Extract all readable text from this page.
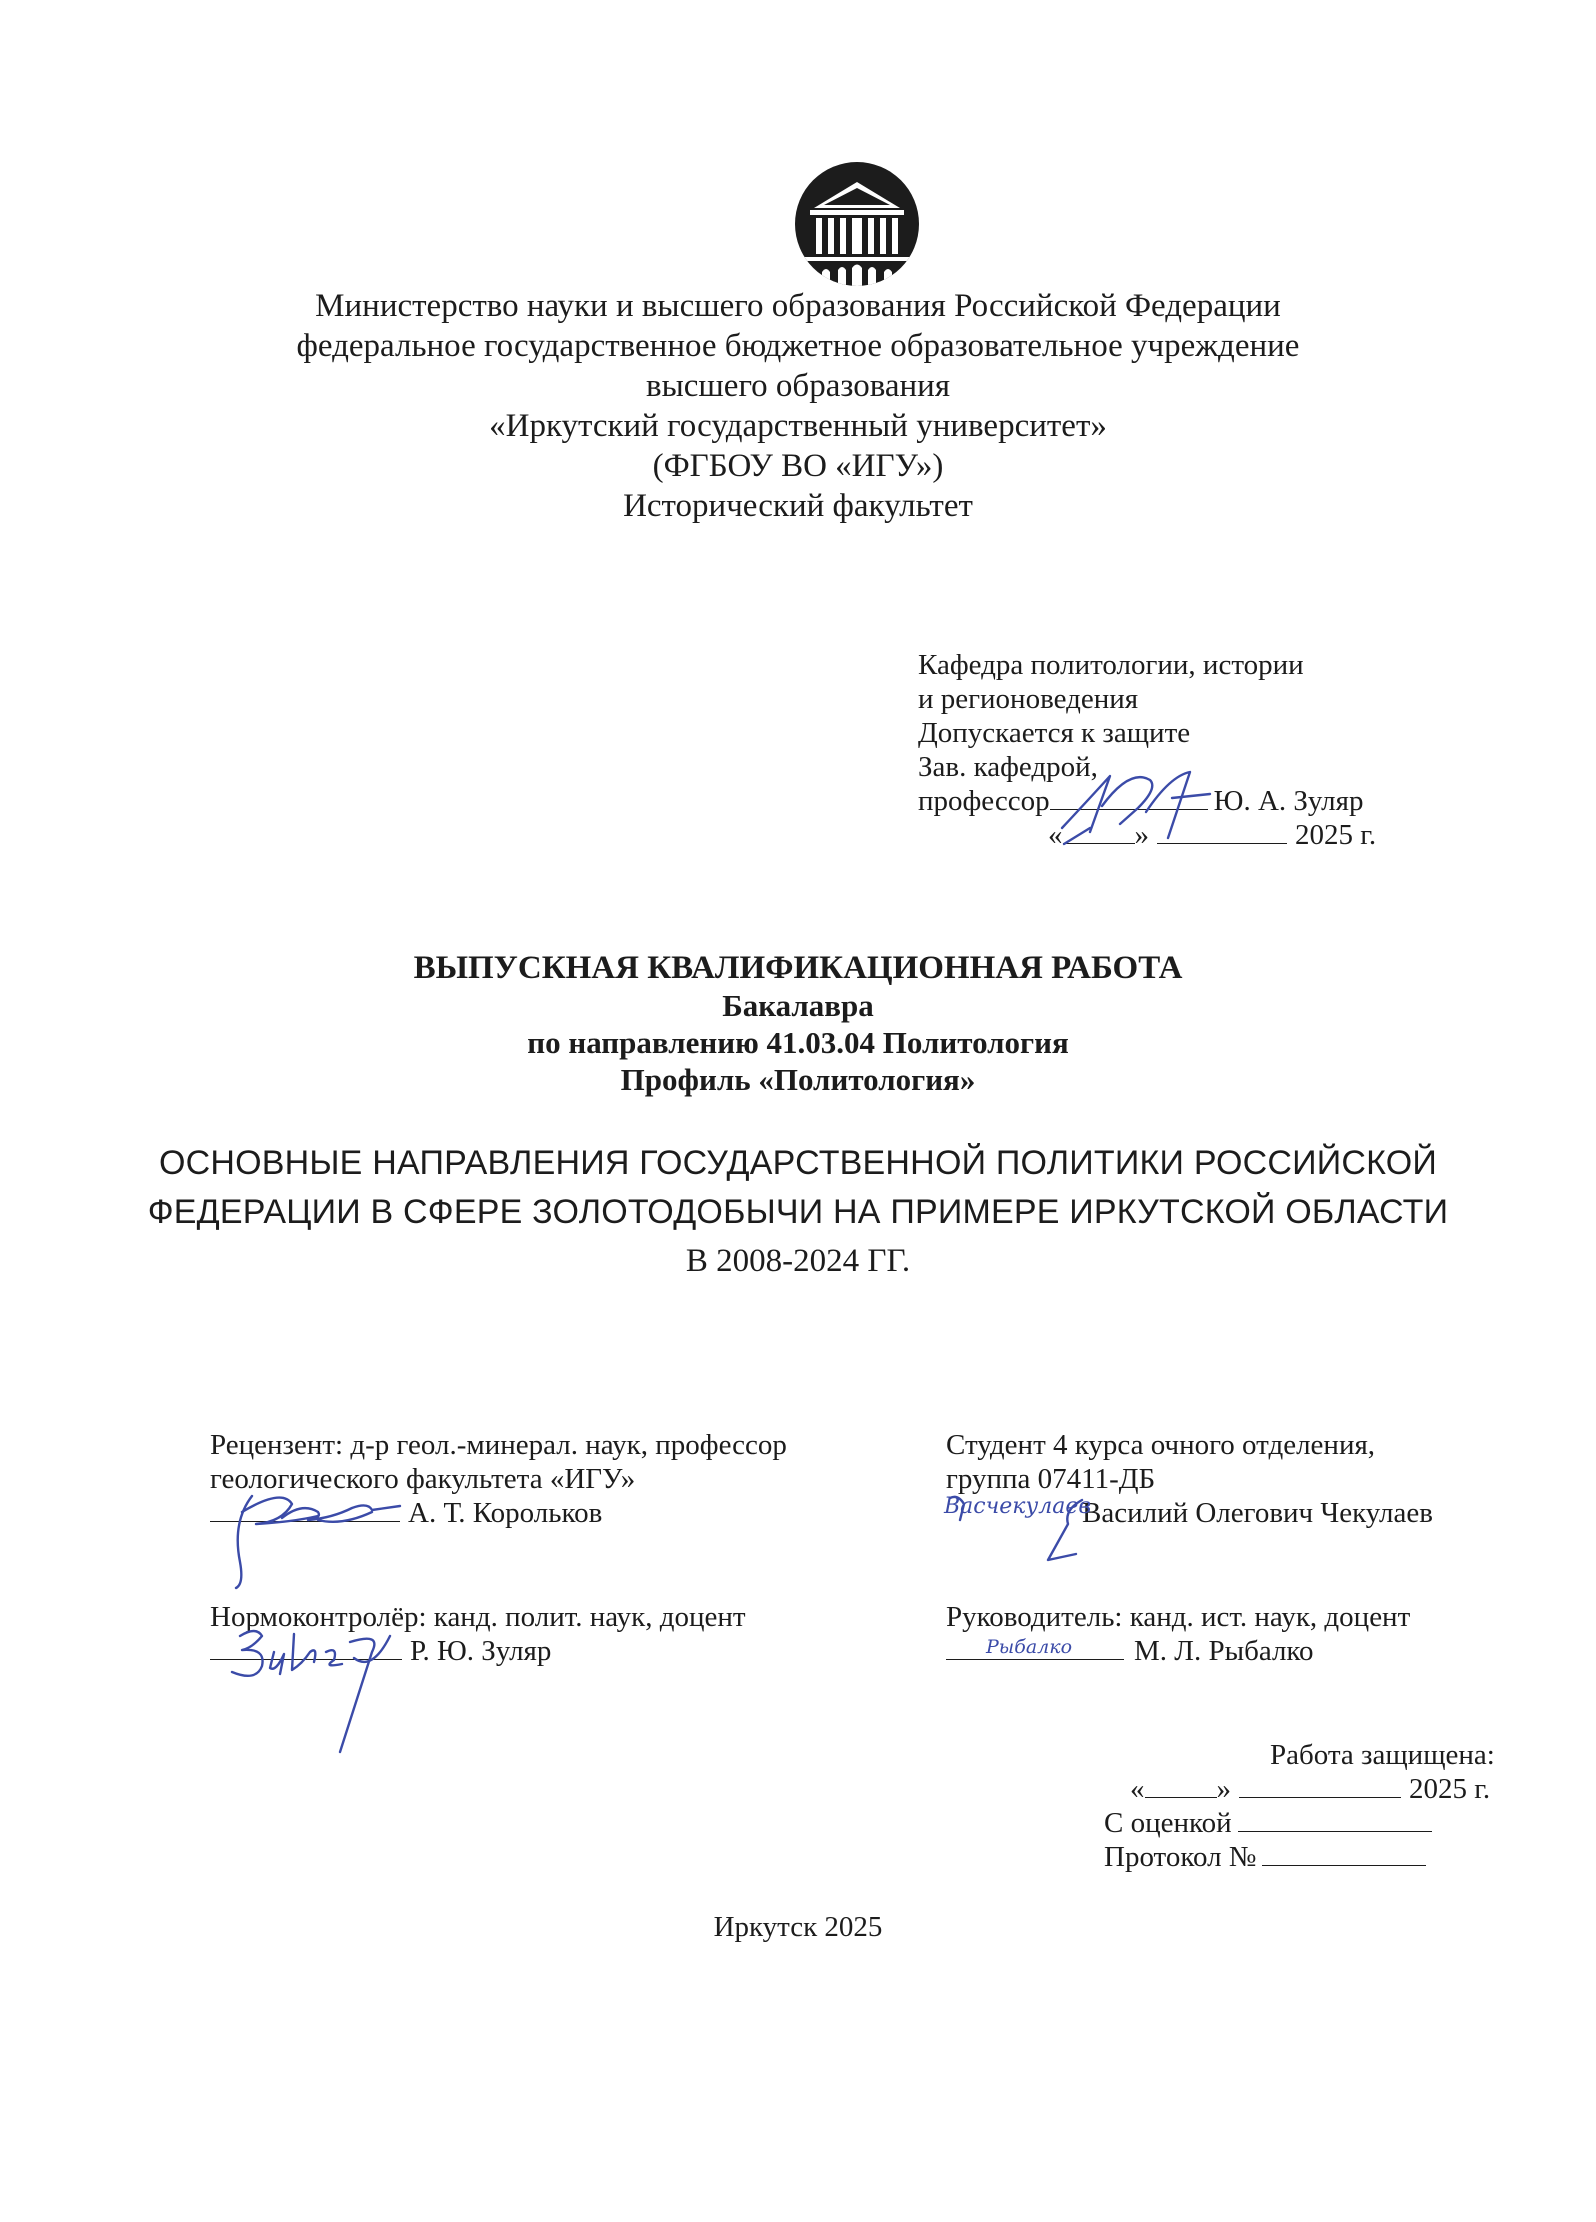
Министерство науки и высшего образования Российской Федерации
федеральное государственное бюджетное образовательное учреждение
высшего образования
«Иркутский государственный университет»
(ФГБОУ ВО «ИГУ»)
Исторический факультет
Кафедра политологии, истории
и регионоведения
Допускается к защите
Зав. кафедрой,
профессор	Ю. А. Зуляр
« »	2025 г.
ВЫПУСКНАЯ КВАЛИФИКАЦИОННАЯ РАБОТА
Бакалавра
по направлению 41.03.04 Политология
Профиль «Политология»
ОСНОВНЫЕ НАПРАВЛЕНИЯ ГОСУДАРСТВЕННОЙ ПОЛИТИКИ РОССИЙСКОЙ
ФЕДЕРАЦИИ В СФЕРЕ ЗОЛОТОДОБЫЧИ НА ПРИМЕРЕ ИРКУТСКОЙ ОБЛАСТИ
В 2008-2024 ГГ.
Рецензент: д-р геол.-минерал. наук, профессор
геологического факультета «ИГУ»
А. Т. Корольков
Студент 4 курса очного отделения,
группа 07411-ДБ
Василий Олегович Чекулаев
Васчекулаев
Нормоконтролёр: канд. полит. наук, доцент
Р. Ю. Зуляр
Руководитель: канд. ист. наук, доцент
М. Л. Рыбалко
Рыбалко
Работа защищена:
« »	2025 г.
С оценкой
Протокол №
Иркутск 2025
